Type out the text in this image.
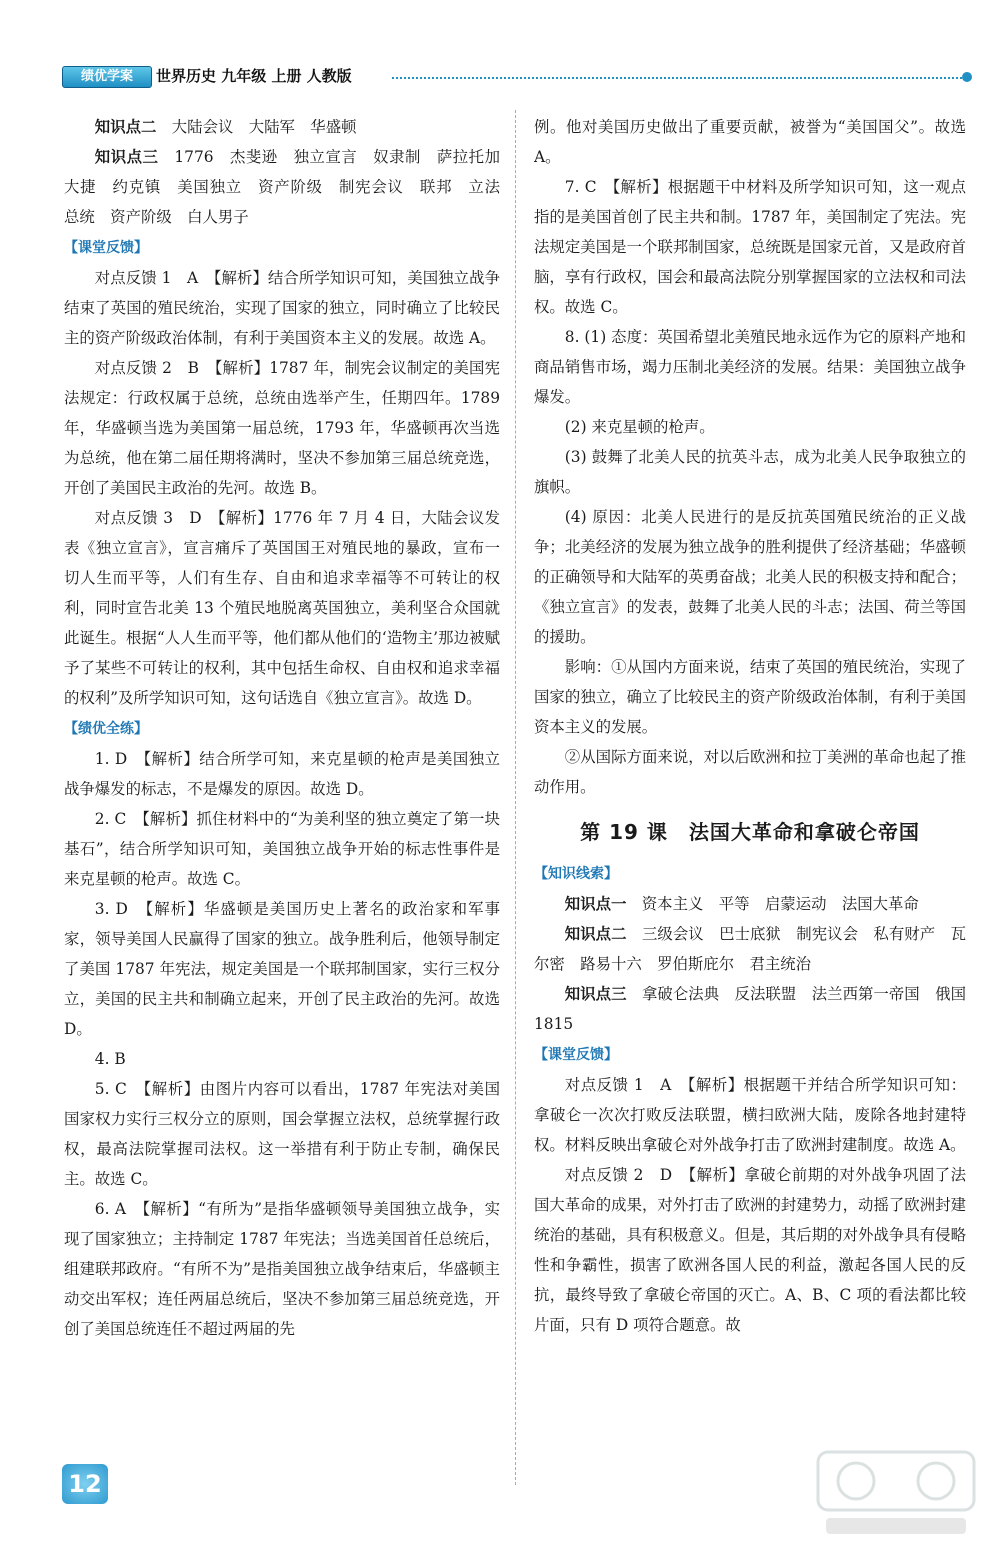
绩优学案	世界历史 九年级 上册 人教版

知识点二　 大陆会议　大陆军　华盛顿

知识点三　 1776　杰斐逊　独立宣言　奴隶制　萨拉托加大捷　约克镇　美国独立　资产阶级　制宪会议　联邦　立法　总统　资产阶级　白人男子

【课堂反馈】

对点反馈 1　A　【解析】结合所学知识可知，美国独立战争结束了英国的殖民统治，实现了国家的独立，同时确立了比较民主的资产阶级政治体制，有利于美国资本主义的发展。故选 A。

对点反馈 2　B　【解析】1787 年，制宪会议制定的美国宪法规定：行政权属于总统，总统由选举产生，任期四年。1789 年，华盛顿当选为美国第一届总统，1793 年，华盛顿再次当选为总统，他在第二届任期将满时，坚决不参加第三届总统竞选，开创了美国民主政治的先河。故选 B。

对点反馈 3　D　【解析】1776 年 7 月 4 日，大陆会议发表《独立宣言》，宣言痛斥了英国国王对殖民地的暴政，宣布一切人生而平等，人们有生存、自由和追求幸福等不可转让的权利，同时宣告北美 13 个殖民地脱离英国独立，美利坚合众国就此诞生。根据“人人生而平等，他们都从他们的‘造物主’那边被赋予了某些不可转让的权利，其中包括生命权、自由权和追求幸福的权利”及所学知识可知，这句话选自《独立宣言》。故选 D。

【绩优全练】

1. D　【解析】结合所学可知，来克星顿的枪声是美国独立战争爆发的标志，不是爆发的原因。故选 D。

2. C　【解析】抓住材料中的“为美利坚的独立奠定了第一块基石”，结合所学知识可知，美国独立战争开始的标志性事件是来克星顿的枪声。故选 C。

3. D　【解析】华盛顿是美国历史上著名的政治家和军事家，领导美国人民赢得了国家的独立。战争胜利后，他领导制定了美国 1787 年宪法，规定美国是一个联邦制国家，实行三权分立，美国的民主共和制确立起来，开创了民主政治的先河。故选 D。

4. B

5. C　【解析】由图片内容可以看出，1787 年宪法对美国国家权力实行三权分立的原则，国会掌握立法权，总统掌握行政权，最高法院掌握司法权。这一举措有利于防止专制，确保民主。故选 C。

6. A　【解析】“有所为”是指华盛顿领导美国独立战争，实现了国家独立；主持制定 1787 年宪法；当选美国首任总统后，组建联邦政府。“有所不为”是指美国独立战争结束后，华盛顿主动交出军权；连任两届总统后，坚决不参加第三届总统竞选，开创了美国总统连任不超过两届的先

例。他对美国历史做出了重要贡献，被誉为“美国国父”。故选 A。

7. C　【解析】根据题干中材料及所学知识可知，这一观点指的是美国首创了民主共和制。1787 年，美国制定了宪法。宪法规定美国是一个联邦制国家，总统既是国家元首，又是政府首脑，享有行政权，国会和最高法院分别掌握国家的立法权和司法权。故选 C。

8. (1) 态度：英国希望北美殖民地永远作为它的原料产地和商品销售市场，竭力压制北美经济的发展。结果：美国独立战争爆发。

(2) 来克星顿的枪声。

(3) 鼓舞了北美人民的抗英斗志，成为北美人民争取独立的旗帜。

(4) 原因：北美人民进行的是反抗英国殖民统治的正义战争；北美经济的发展为独立战争的胜利提供了经济基础；华盛顿的正确领导和大陆军的英勇奋战；北美人民的积极支持和配合；《独立宣言》的发表，鼓舞了北美人民的斗志；法国、荷兰等国的援助。

影响：①从国内方面来说，结束了英国的殖民统治，实现了国家的独立，确立了比较民主的资产阶级政治体制，有利于美国资本主义的发展。

②从国际方面来说，对以后欧洲和拉丁美洲的革命也起了推动作用。

第 19 课　法国大革命和拿破仑帝国
【知识线索】

知识点一　 资本主义　平等　启蒙运动　法国大革命

知识点二　 三级会议　巴士底狱　制宪议会　私有财产　瓦尔密　路易十六　罗伯斯庇尔　君主统治

知识点三　 拿破仑法典　反法联盟　法兰西第一帝国　俄国　1815

【课堂反馈】

对点反馈 1　A　【解析】根据题干并结合所学知识可知：拿破仑一次次打败反法联盟，横扫欧洲大陆，废除各地封建特权。材料反映出拿破仑对外战争打击了欧洲封建制度。故选 A。

对点反馈 2　D　【解析】拿破仑前期的对外战争巩固了法国大革命的成果，对外打击了欧洲的封建势力，动摇了欧洲封建统治的基础，具有积极意义。但是，其后期的对外战争具有侵略性和争霸性，损害了欧洲各国人民的利益，激起各国人民的反抗，最终导致了拿破仑帝国的灭亡。A、B、C 项的看法都比较片面，只有 D 项符合题意。故

12
